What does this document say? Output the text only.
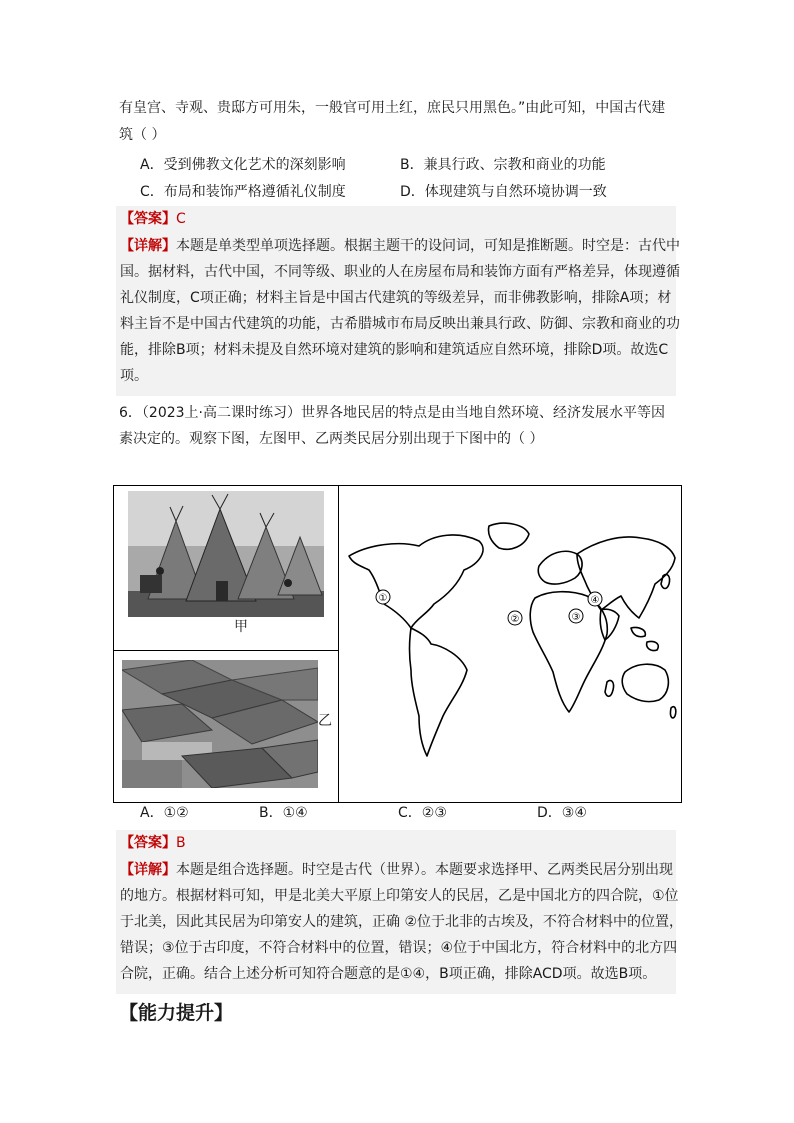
有皇宫、寺观、贵邸方可用朱，一般官可用土红，庶民只用黑色。”由此可知，中国古代建
筑（ ）
A．受到佛教文化艺术的深刻影响	B．兼具行政、宗教和商业的功能
C．布局和装饰严格遵循礼仪制度	D．体现建筑与自然环境协调一致
【答案】C
【详解】本题是单类型单项选择题。根据主题干的设问词，可知是推断题。时空是：古代中
国。据材料，古代中国，不同等级、职业的人在房屋布局和装饰方面有严格差异，体现遵循
礼仪制度，C项正确；材料主旨是中国古代建筑的等级差异，而非佛教影响，排除A项；材
料主旨不是中国古代建筑的功能，古希腊城市布局反映出兼具行政、防御、宗教和商业的功
能，排除B项；材料未提及自然环境对建筑的影响和建筑适应自然环境，排除D项。故选C
项。
6．（2023上·高二课时练习）世界各地民居的特点是由当地自然环境、经济发展水平等因
素决定的。观察下图，左图甲、乙两类民居分别出现于下图中的（ ）
甲
乙
①
②	③
④
A．①②	B．①④	C．②③	D．③④
【答案】B
【详解】本题是组合选择题。时空是古代（世界）。本题要求选择甲、乙两类民居分别出现
的地方。根据材料可知，甲是北美大平原上印第安人的民居，乙是中国北方的四合院，①位
于北美，因此其民居为印第安人的建筑，正确 ②位于北非的古埃及，不符合材料中的位置，
错误；③位于古印度，不符合材料中的位置，错误；④位于中国北方，符合材料中的北方四
合院，正确。结合上述分析可知符合题意的是①④，B项正确，排除ACD项。故选B项。
【能力提升】
